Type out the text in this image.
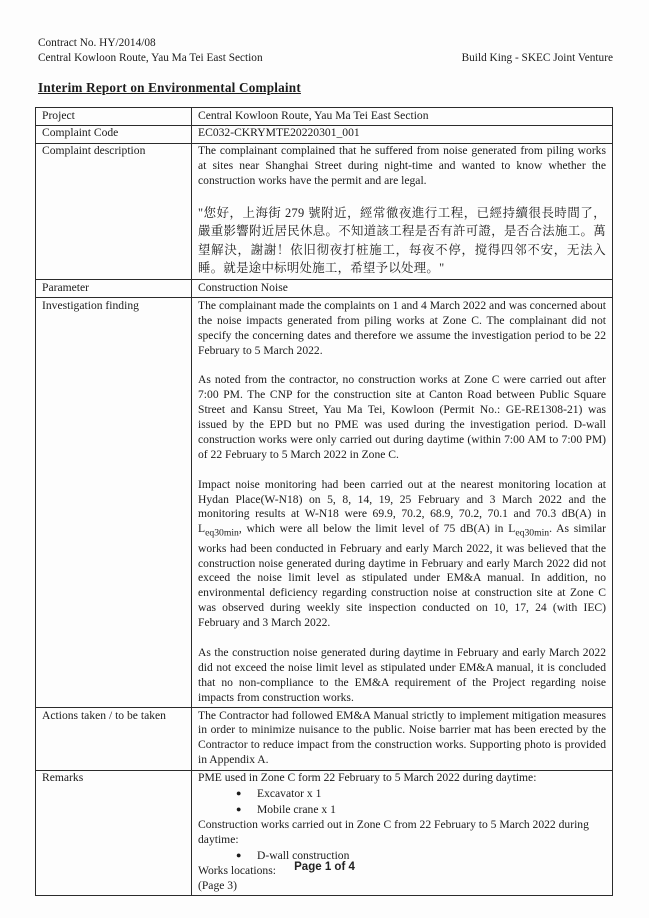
Contract No. HY/2014/08
Central Kowloon Route, Yau Ma Tei East Section	Build King - SKEC Joint Venture
Interim Report on Environmental Complaint
Project	Central Kowloon Route, Yau Ma Tei East Section

Complaint Code	EC032-CKRYMTE20220301_001

Complaint description	The complainant complained that he suffered from noise generated from piling works at sites near Shanghai Street during night-time and wanted to know whether the construction works have the permit and are legal.
"您好，上海街 279 號附近，經常徹夜進行工程，已經持續很長時間了，嚴重影響附近居民休息。不知道該工程是否有許可證，是否合法施工。萬望解決，謝謝！依旧彻夜打桩施工，每夜不停，搅得四邻不安，无法入睡。就是途中标明处施工，希望予以处理。"

Parameter	Construction Noise

Investigation finding	The complainant made the complaints on 1 and 4 March 2022 and was concerned about the noise impacts generated from piling works at Zone C. The complainant did not specify the concerning dates and therefore we assume the investigation period to be 22 February to 5 March 2022.
As noted from the contractor, no construction works at Zone C were carried out after 7:00 PM. The CNP for the construction site at Canton Road between Public Square Street and Kansu Street, Yau Ma Tei, Kowloon (Permit No.: GE-RE1308-21) was issued by the EPD but no PME was used during the investigation period. D-wall construction works were only carried out during daytime (within 7:00 AM to 7:00 PM) of 22 February to 5 March 2022 in Zone C.
Impact noise monitoring had been carried out at the nearest monitoring location at Hydan Place(W-N18) on 5, 8, 14, 19, 25 February and 3 March 2022 and the monitoring results at W-N18 were 69.9, 70.2, 68.9, 70.2, 70.1 and 70.3 dB(A) in $L_{eq30min}$, which were all below the limit level of 75 dB(A) in $L_{eq30min}$. As similar works had been conducted in February and early March 2022, it was believed that the construction noise generated during daytime in February and early March 2022 did not exceed the noise limit level as stipulated under EM&A manual. In addition, no environmental deficiency regarding construction noise at construction site at Zone C was observed during weekly site inspection conducted on 10, 17, 24 (with IEC) February and 3 March 2022.
As the construction noise generated during daytime in February and early March 2022 did not exceed the noise limit level as stipulated under EM&A manual, it is concluded that no non-compliance to the EM&A requirement of the Project regarding noise impacts from construction works.

Actions taken / to be taken	The Contractor had followed EM&A Manual strictly to implement mitigation measures in order to minimize nuisance to the public. Noise barrier mat has been erected by the Contractor to reduce impact from the construction works. Supporting photo is provided in Appendix A.

Remarks	PME used in Zone C form 22 February to 5 March 2022 during daytime:
● Excavator x 1
● Mobile crane x 1
Construction works carried out in Zone C from 22 February to 5 March 2022 during daytime:
● D-wall construction
Works locations:
(Page 3)
Page 1 of 4
